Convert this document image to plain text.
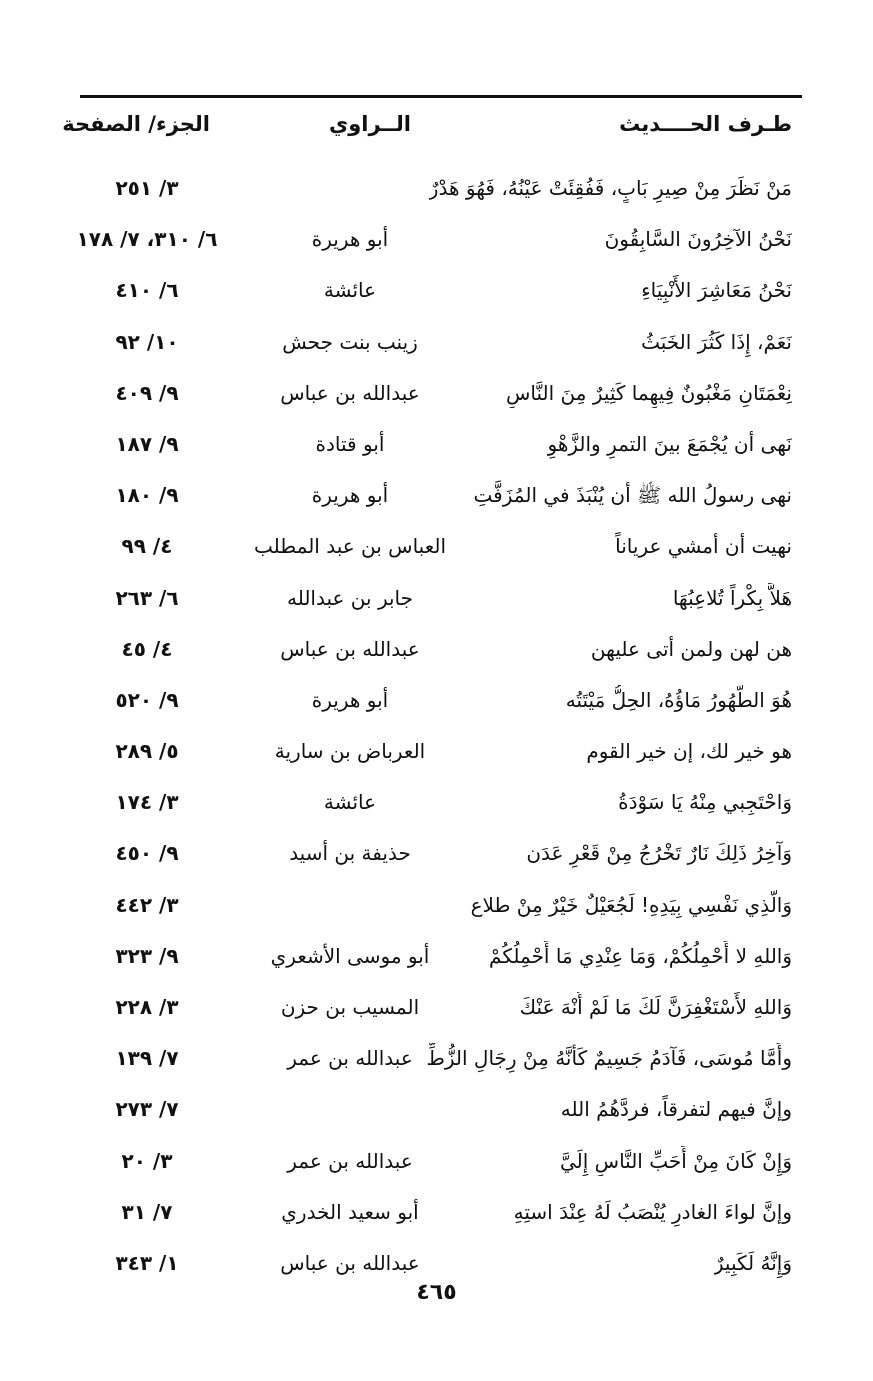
طـرف الحــــديث
الــراوي
الجزء/ الصفحة
مَنْ نَظَرَ مِنْ صِيرِ بَابٍ، فَفُقِئَتْ عَيْنُهُ، فَهُوَ هَدْرٌ
٣/ ٢٥١
نَحْنُ الآخِرُونَ السَّابِقُونَ
أبو هريرة
٦/ ٣١٠، ٧/ ١٧٨
نَحْنُ مَعَاشِرَ الأَنْبِيَاءِ
عائشة
٦/ ٤١٠
نَعَمْ، إِذَا كَثُرَ الخَبَثُ
زينب بنت جحش
١٠/ ٩٢
نِعْمَتَانِ مَغْبُونٌ فِيهِما كَثِيرٌ مِنَ النَّاسِ
عبدالله بن عباس
٩/ ٤٠٩
نَهى أن يُجْمَعَ بينَ التمرِ والزَّهْوِ
أبو قتادة
٩/ ١٨٧
نهى رسولُ الله ﷺ أن يُنْبَذَ في المُزَفَّتِ
أبو هريرة
٩/ ١٨٠
نهيت أن أمشي عرياناً
العباس بن عبد المطلب
٤/ ٩٩
هَلاَّ بِكْراً تُلاعِبُهَا
جابر بن عبدالله
٦/ ٢٦٣
هن لهن ولمن أتى عليهن
عبدالله بن عباس
٤/ ٤٥
هُوَ الطَّهُورُ مَاؤُهُ، الحِلُّ مَيْتَتُه
أبو هريرة
٩/ ٥٢٠
هو خير لك، إن خير القوم
العرباض بن سارية
٥/ ٢٨٩
وَاحْتَجِبي مِنْهُ يَا سَوْدَةُ
عائشة
٣/ ١٧٤
وَآخِرُ ذَلِكَ نَارٌ تَخْرُجُ مِنْ قَعْرِ عَدَن
حذيفة بن أسيد
٩/ ٤٥٠
وَالَّذِي نَفْسِي بِيَدِهِ! لَجُعَيْلٌ خَيْرٌ مِنْ طلاع
٣/ ٤٤٢
وَاللهِ لا أَحْمِلُكُمْ، وَمَا عِنْدِي مَا أَحْمِلُكُمْ
أبو موسى الأشعري
٩/ ٣٢٣
وَاللهِ لأَسْتَغْفِرَنَّ لَكَ مَا لَمْ أُنْهَ عَنْكَ
المسيب بن حزن
٣/ ٢٢٨
وأَمَّا مُوسَى، فَآدَمُ جَسِيمٌ كَأَنَّهُ مِنْ رِجَالِ الزُّطِّ
عبدالله بن عمر
٧/ ١٣٩
وإنَّ فيهم لتفرقاً، فردَّهُمُ الله
٧/ ٢٧٣
وَإِنْ كَانَ مِنْ أَحَبِّ النَّاسِ إِلَيَّ
عبدالله بن عمر
٣/ ٢٠
وإنَّ لواءَ الغادرِ يُنْصَبُ لَهُ عِنْدَ استِهِ
أبو سعيد الخدري
٧/ ٣١
وَإِنَّهُ لَكَبِيرٌ
عبدالله بن عباس
١/ ٣٤٣
٤٦٥
